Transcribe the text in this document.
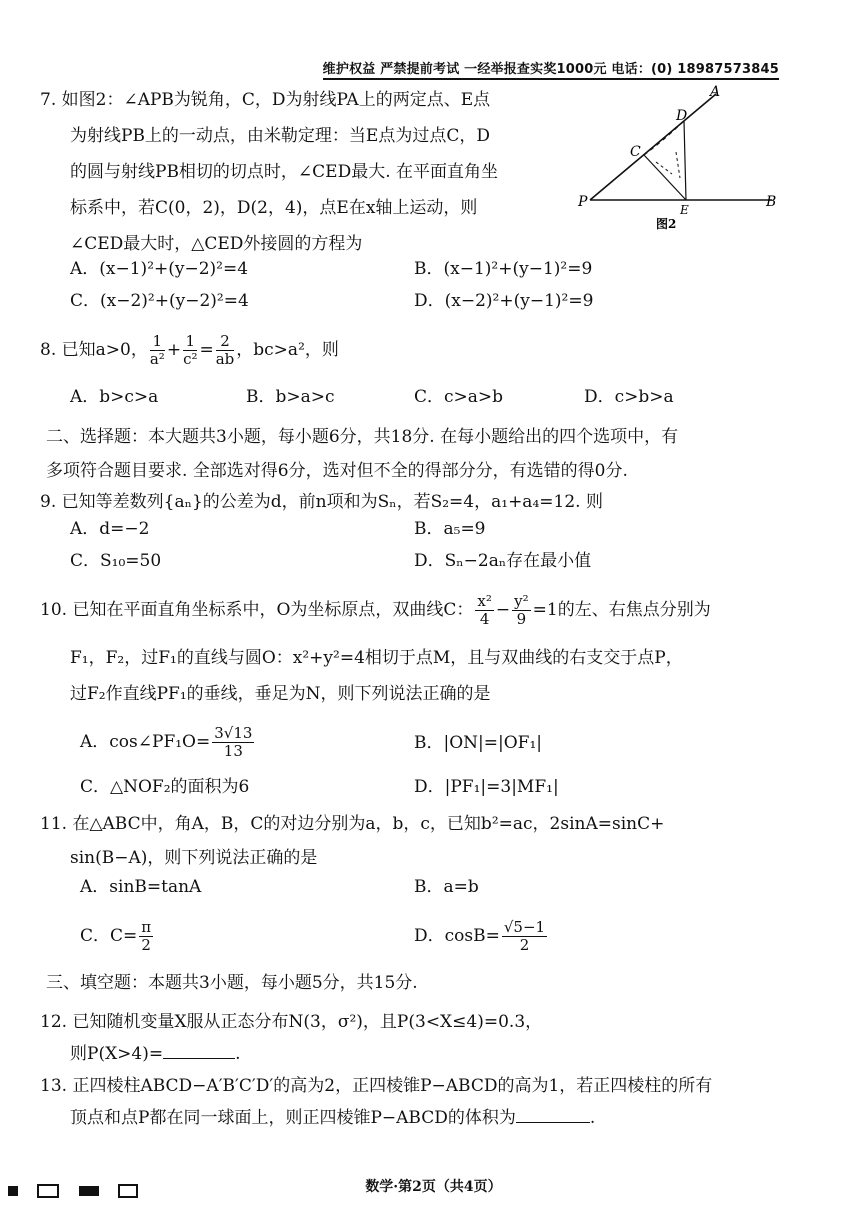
维护权益 严禁提前考试 一经举报查实奖1000元 电话：(0) 18987573845
7. 如图2：∠APB为锐角，C，D为射线PA上的两定点、E点
为射线PB上的一动点，由米勒定理：当E点为过点C，D
的圆与射线PB相切的切点时，∠CED最大. 在平面直角坐
标系中，若C(0，2)，D(2，4)，点E在x轴上运动，则
∠CED最大时，△CED外接圆的方程为
A
D
C
P	E	B
图2
A．(x−1)²+(y−2)²=4	B．(x−1)²+(y−1)²=9
C．(x−2)²+(y−2)²=4	D．(x−2)²+(y−1)²=9
8. 已知a>0， $\frac{1}{\text{a²}} + \frac{1}{\text{c²}} = \frac{2}{ab}$ ，bc>a²，则
A．b>c>a	B．b>a>c	C．c>a>b	D．c>b>a
二、选择题：本大题共3小题，每小题6分，共18分. 在每小题给出的四个选项中，有
多项符合题目要求. 全部选对得6分，选对但不全的得部分分，有选错的得0分.
9. 已知等差数列{aₙ}的公差为d，前n项和为Sₙ，若S₂=4，a₁+a₄=12. 则
A．d=−2	B．a₅=9
C．S₁₀=50	D．Sₙ−2aₙ存在最小值
10. 已知在平面直角坐标系中，O为坐标原点，双曲线C： $\frac{\text{x²}}{4} - \frac{\text{y²}}{9} =1$的左、右焦点分别为
F₁，F₂，过F₁的直线与圆O：x²+y²=4相切于点M，且与双曲线的右支交于点P，
过F₂作直线PF₁的垂线，垂足为N，则下列说法正确的是
A．cos∠PF₁O= $\frac{3√13}{13}$	B．|ON|=|OF₁|
C．△NOF₂的面积为6	D．|PF₁|=3|MF₁|
11. 在△ABC中，角A，B，C的对边分别为a，b，c，已知b²=ac，2sinA=sinC+
sin(B−A)，则下列说法正确的是
A．sinB=tanA	B．a=b
C．$C= \frac{\pi}{2}$	D．$\cos B= \frac{√5-1}{2}$
三、填空题：本题共3小题，每小题5分，共15分.
12. 已知随机变量X服从正态分布N(3，σ²)，且P(3<X≤4)=0.3，
则P(X>4)=	.
13. 正四棱柱ABCD−A′B′C′D′的高为2，正四棱锥P−ABCD的高为1，若正四棱柱的所有
顶点和点P都在同一球面上，则正四棱锥P−ABCD的体积为	.

数学·第2页（共4页）
